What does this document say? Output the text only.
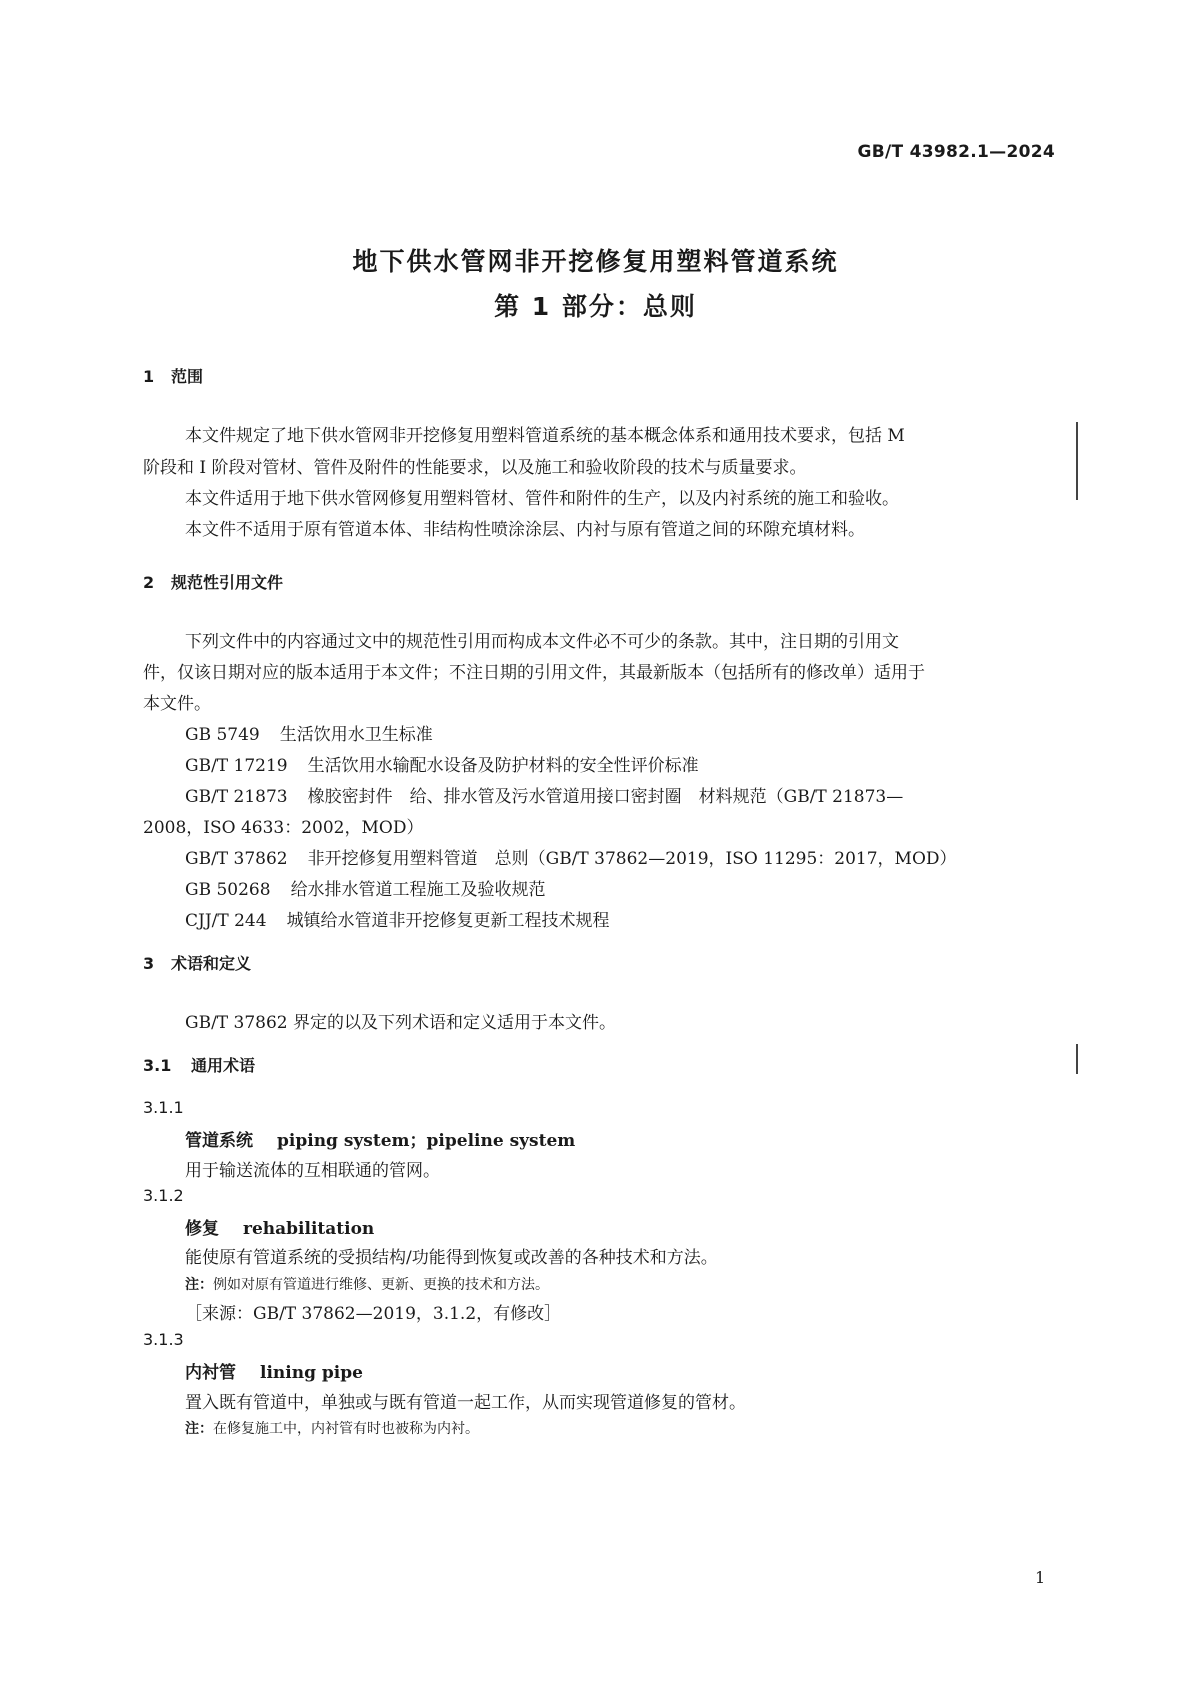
GB/T 43982.1—2024
地下供水管网非开挖修复用塑料管道系统
第 1 部分：总则
1 范围
本文件规定了地下供水管网非开挖修复用塑料管道系统的基本概念体系和通用技术要求，包括 M
阶段和 I 阶段对管材、管件及附件的性能要求，以及施工和验收阶段的技术与质量要求。
本文件适用于地下供水管网修复用塑料管材、管件和附件的生产，以及内衬系统的施工和验收。
本文件不适用于原有管道本体、非结构性喷涂涂层、内衬与原有管道之间的环隙充填材料。
2 规范性引用文件
下列文件中的内容通过文中的规范性引用而构成本文件必不可少的条款。其中，注日期的引用文
件，仅该日期对应的版本适用于本文件；不注日期的引用文件，其最新版本（包括所有的修改单）适用于
本文件。
GB 5749 生活饮用水卫生标准
GB/T 17219 生活饮用水输配水设备及防护材料的安全性评价标准
GB/T 21873 橡胶密封件　给、排水管及污水管道用接口密封圈　材料规范（GB/T 21873—
2008，ISO 4633：2002，MOD）
GB/T 37862 非开挖修复用塑料管道　总则（GB/T 37862—2019，ISO 11295：2017，MOD）
GB 50268 给水排水管道工程施工及验收规范
CJJ/T 244 城镇给水管道非开挖修复更新工程技术规程
3 术语和定义
GB/T 37862 界定的以及下列术语和定义适用于本文件。
3.1 通用术语
3.1.1
管道系统 piping system；pipeline system
用于输送流体的互相联通的管网。
3.1.2
修复 rehabilitation
能使原有管道系统的受损结构/功能得到恢复或改善的各种技术和方法。
注：例如对原有管道进行维修、更新、更换的技术和方法。
［来源：GB/T 37862—2019，3.1.2，有修改］
3.1.3
内衬管 lining pipe
置入既有管道中，单独或与既有管道一起工作，从而实现管道修复的管材。
注：在修复施工中，内衬管有时也被称为内衬。
1
